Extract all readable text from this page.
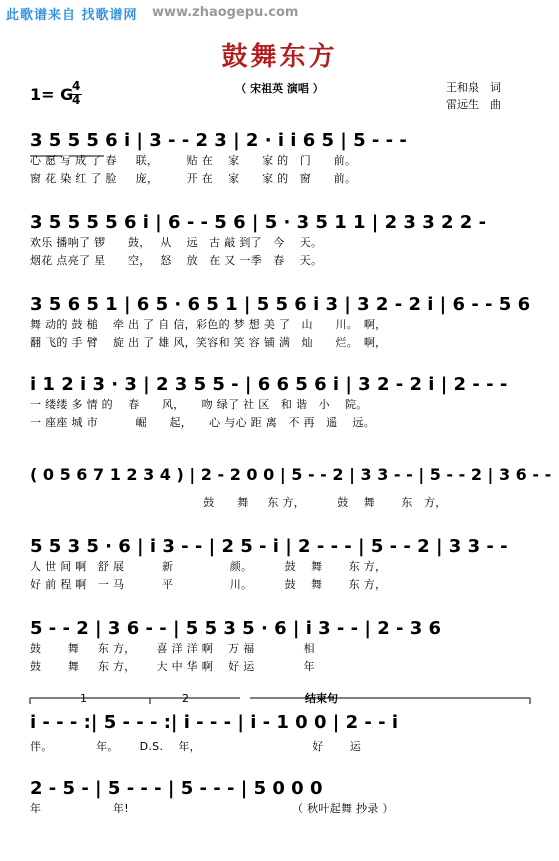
此歌谱来自 找歌谱网 www.zhaogepu.com
鼓舞东方
（ 宋祖英 演唱 ）
1= G
4
4
王和泉　词
雷远生　曲
3 5 5 5 6 i | 3 - - 2 3 | 2 · i i 6 5 | 5 - - -
心 愿 写 成 了 春 　 联，　　　贴 在 　家　　家 的　门　　前。
窗 花 染 红 了 脸 　 庞，　　　开 在 　家　　家 的　窗　　前。
3 5 5 5 5 6 i | 6 - - 5 6 | 5 · 3 5 1 1 | 2 3 3 2 2 -
欢乐 播响了 锣　　鼓，　 从　 远　古 敲 到了　今　 天。
烟花 点亮了 星　　空，　 怒　 放　在 又 一季　春　 天。
3 5 6 5 1 | 6 5 · 6 5 1 | 5 5 6 i 3 | 3 2 - 2 i | 6 - - 5 6
舞 动的 鼓 槌　 牵 出 了 自 信，彩色的 梦 想 美 了　山　　川。　啊，
翻 飞的 手 臂　 旋 出 了 雄 风，笑容和 笑 容 铺 满　灿　　烂。　啊，
i 1 2 i 3 · 3 | 2 3 5 5 - | 6 6 5 6 i | 3 2 - 2 i | 2 - - -
一 缕缕 多 情 的　 春　　风，　　吻 绿了 社 区　和 谐　小　 院。
一 座座 城 市　　　 崛　　起，　　心 与心 距 离　不 再　遥　 远。
( 0 5 6 7 1 2 3 4 ) | 2 - 2 0 0 | 5 - - 2 | 3 3 - - | 5 - - 2 | 3 6 - -
　　　　　　　　　　　　　　　 鼓　　舞 　 东 方，　　　 鼓　 舞　　 东　方，
5 5 3 5 · 6 | i 3 - - | 2 5 - i | 2 - - - | 5 - - 2 | 3 3 - -
人 世 间 啊　舒 展　　　 新　　　　　颜。　　　 鼓　 舞　　 东 方，
好 前 程 啊　一 马　　　 平　　　　　川。　　　 鼓　 舞　　 东 方，
5 - - 2 | 3 6 - - | 5 5 3 5 · 6 | i 3 - - | 2 - 3 6
鼓　　 舞 　 东 方，　　 喜 洋 洋 啊 　万 福　　　　 相
鼓　　 舞 　 东 方，　　 大 中 华 啊 　好 运　　　　 年
1	2	结束句
i - - - :| 5 - - - :| i - - - | i - 1 0 0 | 2 - - i
伴。　　　　 年。　　 D.S.　 年，　　　　　　　　　　 好　　 运
2 - 5 - | 5 - - - | 5 - - - | 5 0 0 0
年　　　　　　 年!	（ 秋叶起舞 抄录 ）
